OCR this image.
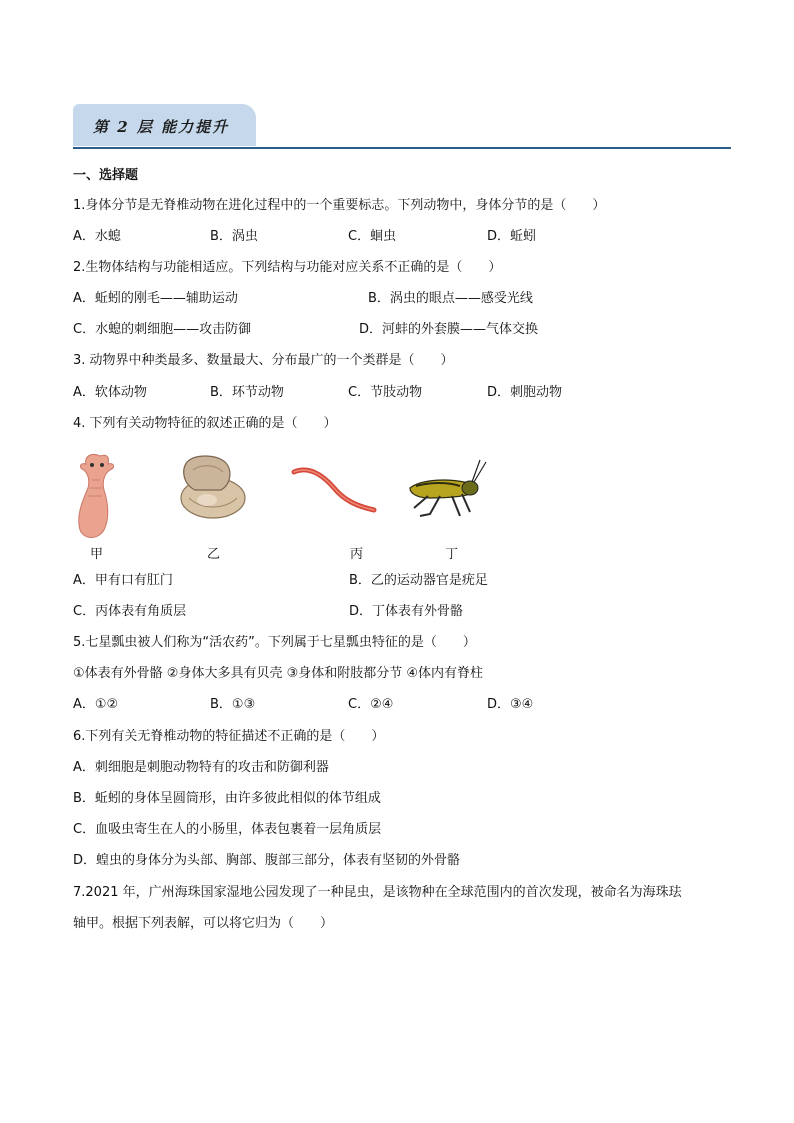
第 2 层 能力提升
一、选择题
1.身体分节是无脊椎动物在进化过程中的一个重要标志。下列动物中，身体分节的是（　　）
A．水螅	B．涡虫	C．蛔虫	D．蚯蚓
2.生物体结构与功能相适应。下列结构与功能对应关系不正确的是（　　）
A．蚯蚓的刚毛——辅助运动	B．涡虫的眼点——感受光线
C．水螅的刺细胞——攻击防御	D．河蚌的外套膜——气体交换
3. 动物界中种类最多、数量最大、分布最广的一个类群是（　　）
A．软体动物	B．环节动物	C．节肢动物	D．刺胞动物
4. 下列有关动物特征的叙述正确的是（　　）
甲	乙	丙	丁
A．甲有口有肛门	B．乙的运动器官是疣足
C．丙体表有角质层	D．丁体表有外骨骼
5.七星瓢虫被人们称为“活农药”。下列属于七星瓢虫特征的是（　　）
①体表有外骨骼 ②身体大多具有贝壳 ③身体和附肢都分节 ④体内有脊柱
A．①②	B．①③	C．②④	D．③④
6.下列有关无脊椎动物的特征描述不正确的是（　　）
A．刺细胞是刺胞动物特有的攻击和防御利器
B．蚯蚓的身体呈圆筒形，由许多彼此相似的体节组成
C．血吸虫寄生在人的小肠里，体表包裹着一层角质层
D．蝗虫的身体分为头部、胸部、腹部三部分，体表有坚韧的外骨骼
7.2021 年，广州海珠国家湿地公园发现了一种昆虫，是该物种在全球范围内的首次发现，被命名为海珠珐
轴甲。根据下列表解，可以将它归为（　　）
